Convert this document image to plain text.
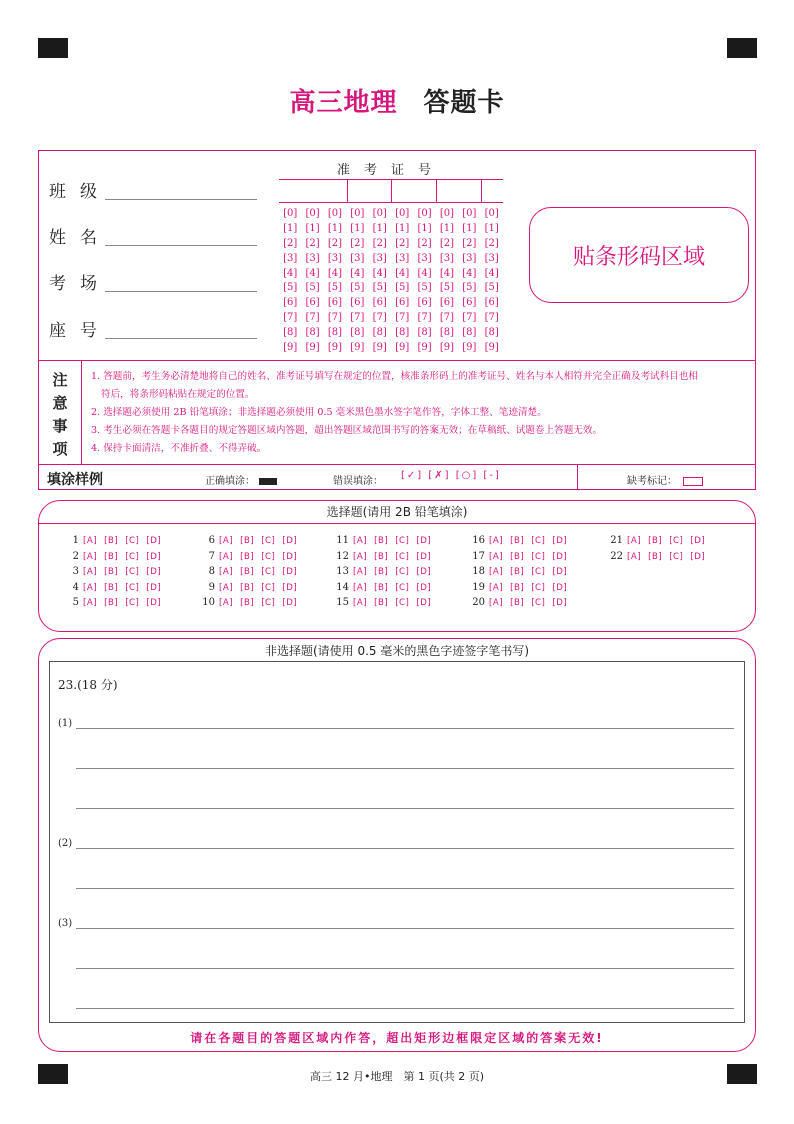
高三地理 答题卡
班级
姓名
考场
座号
准考证号
[0] [0] [0] [0] [0] [0] [0] [0] [0] [0]
[1] [1] [1] [1] [1] [1] [1] [1] [1] [1]
[2] [2] [2] [2] [2] [2] [2] [2] [2] [2]
[3] [3] [3] [3] [3] [3] [3] [3] [3] [3]
[4] [4] [4] [4] [4] [4] [4] [4] [4] [4]
[5] [5] [5] [5] [5] [5] [5] [5] [5] [5]
[6] [6] [6] [6] [6] [6] [6] [6] [6] [6]
[7] [7] [7] [7] [7] [7] [7] [7] [7] [7]
[8] [8] [8] [8] [8] [8] [8] [8] [8] [8]
[9] [9] [9] [9] [9] [9] [9] [9] [9] [9]
贴条形码区域
注意事项

1. 答题前，考生务必清楚地将自己的姓名、准考证号填写在规定的位置，核准条形码上的准考证号、姓名与本人相符并完全正确及考试科目也相

符后，将条形码粘贴在规定的位置。

2. 选择题必须使用 2B 铅笔填涂；非选择题必须使用 0.5 毫米黑色墨水签字笔作答，字体工整、笔迹清楚。

3. 考生必须在答题卡各题目的规定答题区域内答题，超出答题区域范围书写的答案无效；在草稿纸、试题卷上答题无效。

4. 保持卡面清洁，不准折叠、不得弄破。

填涂样例	正确填涂：	错误填涂：
[✓] [✗] [○] [-]
缺考标记：
选择题(请用 2B 铅笔填涂)
1 [A] [B] [C] [D]
2 [A] [B] [C] [D]
3 [A] [B] [C] [D]
4 [A] [B] [C] [D]
5 [A] [B] [C] [D]
6 [A] [B] [C] [D]
7 [A] [B] [C] [D]
8 [A] [B] [C] [D]
9 [A] [B] [C] [D]
10 [A] [B] [C] [D]
11 [A] [B] [C] [D]
12 [A] [B] [C] [D]
13 [A] [B] [C] [D]
14 [A] [B] [C] [D]
15 [A] [B] [C] [D]
16 [A] [B] [C] [D]
17 [A] [B] [C] [D]
18 [A] [B] [C] [D]
19 [A] [B] [C] [D]
20 [A] [B] [C] [D]
21 [A] [B] [C] [D]
22 [A] [B] [C] [D]
非选择题(请使用 0.5 毫米的黑色字迹签字笔书写)
23.(18 分)
(1)
(2)
(3)
请在各题目的答题区域内作答，超出矩形边框限定区域的答案无效!
高三 12 月•地理　第 1 页(共 2 页)
